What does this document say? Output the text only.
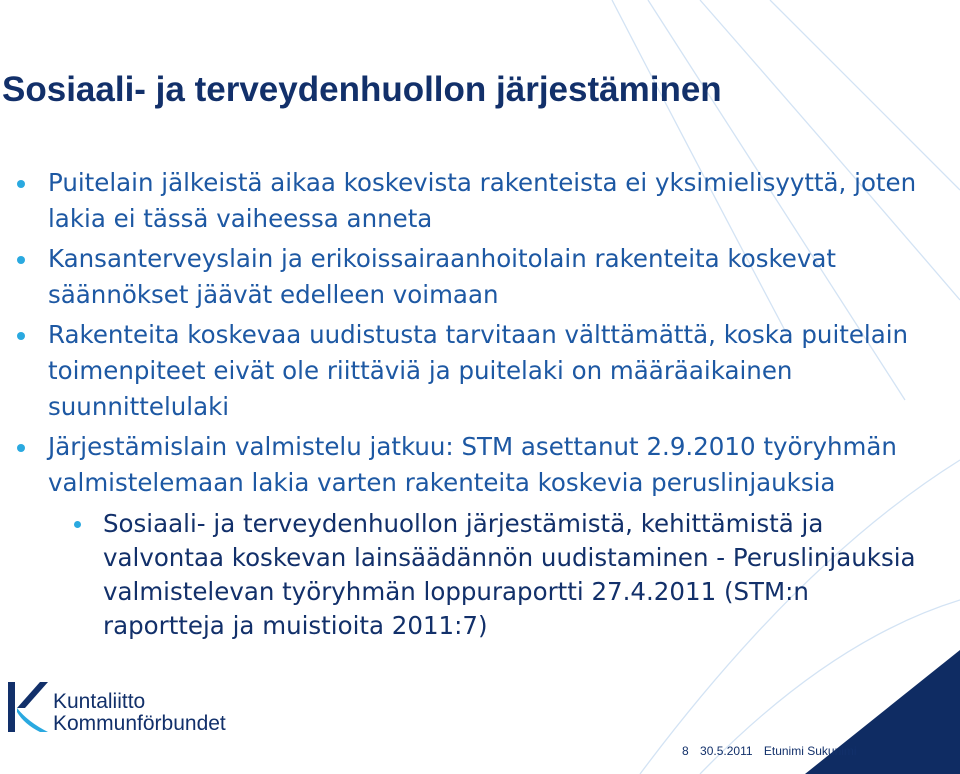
Sosiaali- ja terveydenhuollon järjestäminen

Puitelain jälkeistä aikaa koskevista rakenteista ei yksimielisyyttä, joten lakia ei tässä vaiheessa anneta

Kansanterveyslain ja erikoissairaanhoitolain rakenteita koskevat säännökset jäävät edelleen voimaan

Rakenteita koskevaa uudistusta tarvitaan välttämättä, koska puitelain toimenpiteet eivät ole riittäviä ja puitelaki on määräaikainen suunnittelulaki

Järjestämislain valmistelu jatkuu: STM asettanut 2.9.2010 työryhmän valmistelemaan lakia varten rakenteita koskevia peruslinjauksia

Sosiaali- ja terveydenhuollon järjestämistä, kehittämistä ja valvontaa koskevan lainsäädännön uudistaminen - Peruslinjauksia valmistelevan työryhmän loppuraportti 27.4.2011 (STM:n raportteja ja muistioita 2011:7)

Kuntaliitto
Kommunförbundet
8 30.5.2011 Etunimi Sukunimi
